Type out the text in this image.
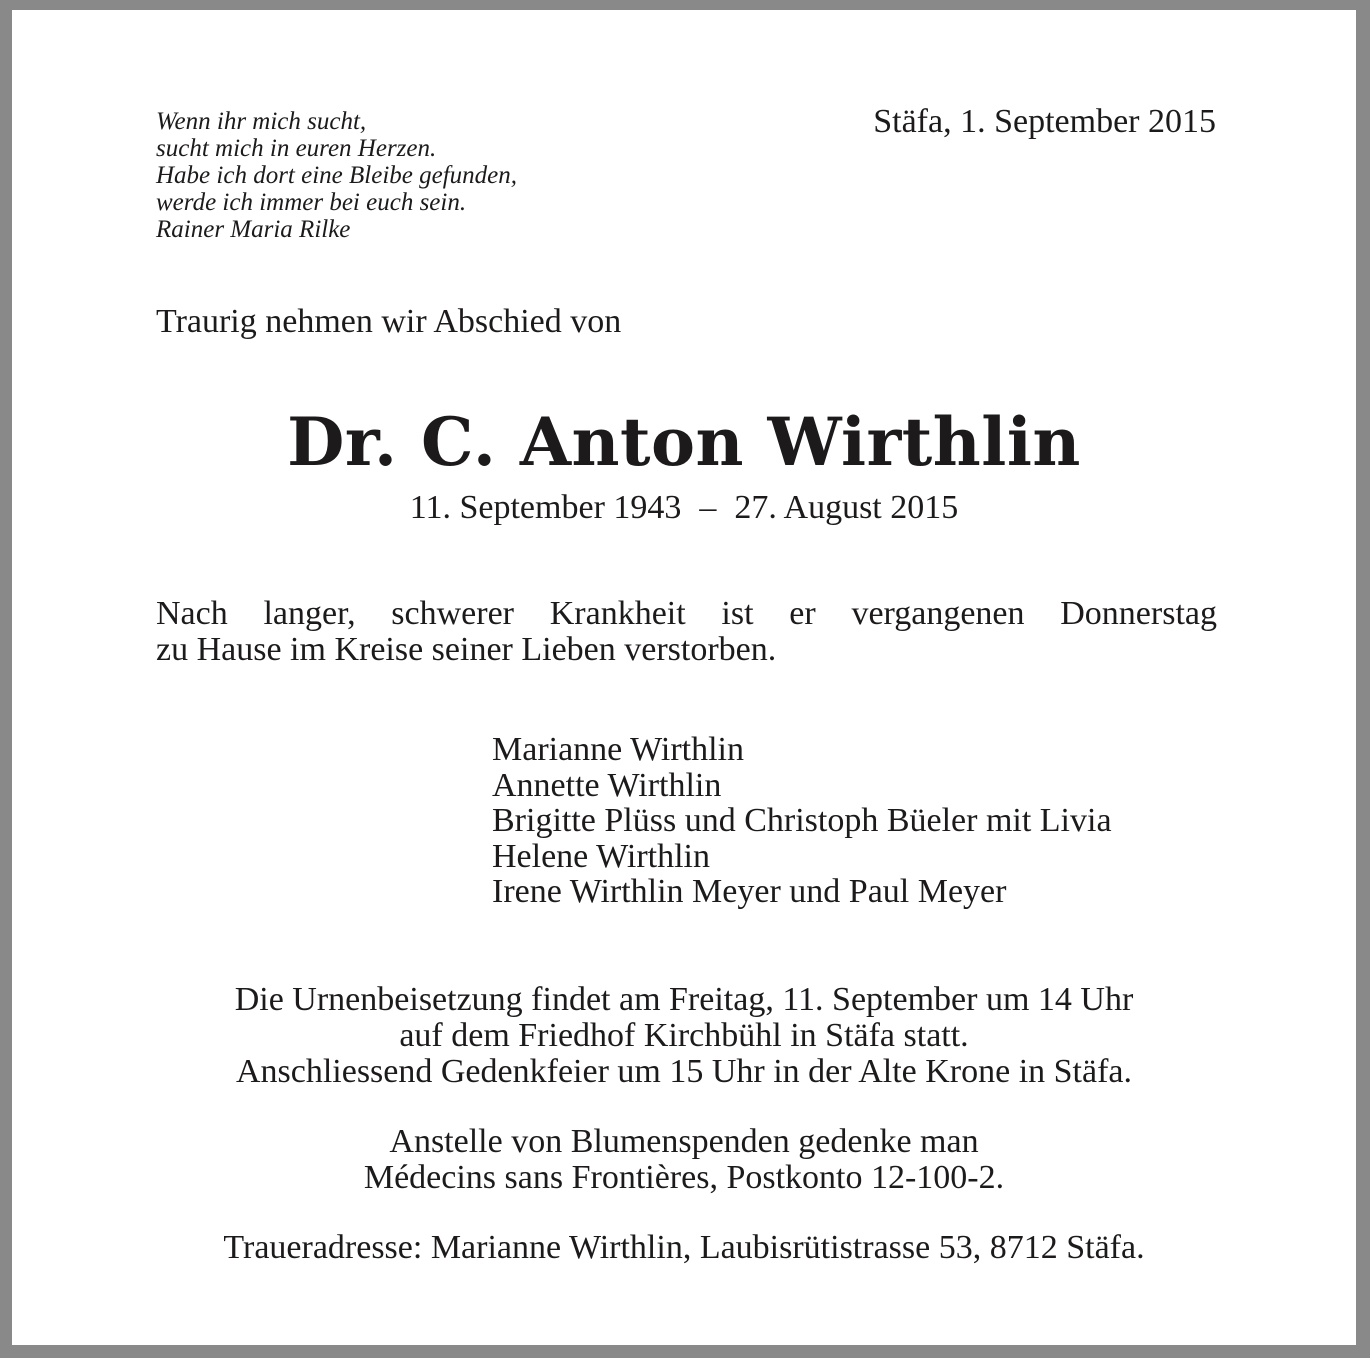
Wenn ihr mich sucht,
sucht mich in euren Herzen.
Habe ich dort eine Bleibe gefunden,
werde ich immer bei euch sein.
Rainer Maria Rilke
Stäfa, 1. September 2015
Traurig nehmen wir Abschied von
Dr. C. Anton Wirthlin
11. September 1943 – 27. August 2015
Nach langer, schwerer Krankheit ist er vergangenen Donnerstag
zu Hause im Kreise seiner Lieben verstorben.
Marianne Wirthlin
Annette Wirthlin
Brigitte Plüss und Christoph Büeler mit Livia
Helene Wirthlin
Irene Wirthlin Meyer und Paul Meyer
Die Urnenbeisetzung findet am Freitag, 11. September um 14 Uhr
auf dem Friedhof Kirchbühl in Stäfa statt.
Anschliessend Gedenkfeier um 15 Uhr in der Alte Krone in Stäfa.
Anstelle von Blumenspenden gedenke man
Médecins sans Frontières, Postkonto 12-100-2.
Traueradresse: Marianne Wirthlin, Laubisrütistrasse 53, 8712 Stäfa.
